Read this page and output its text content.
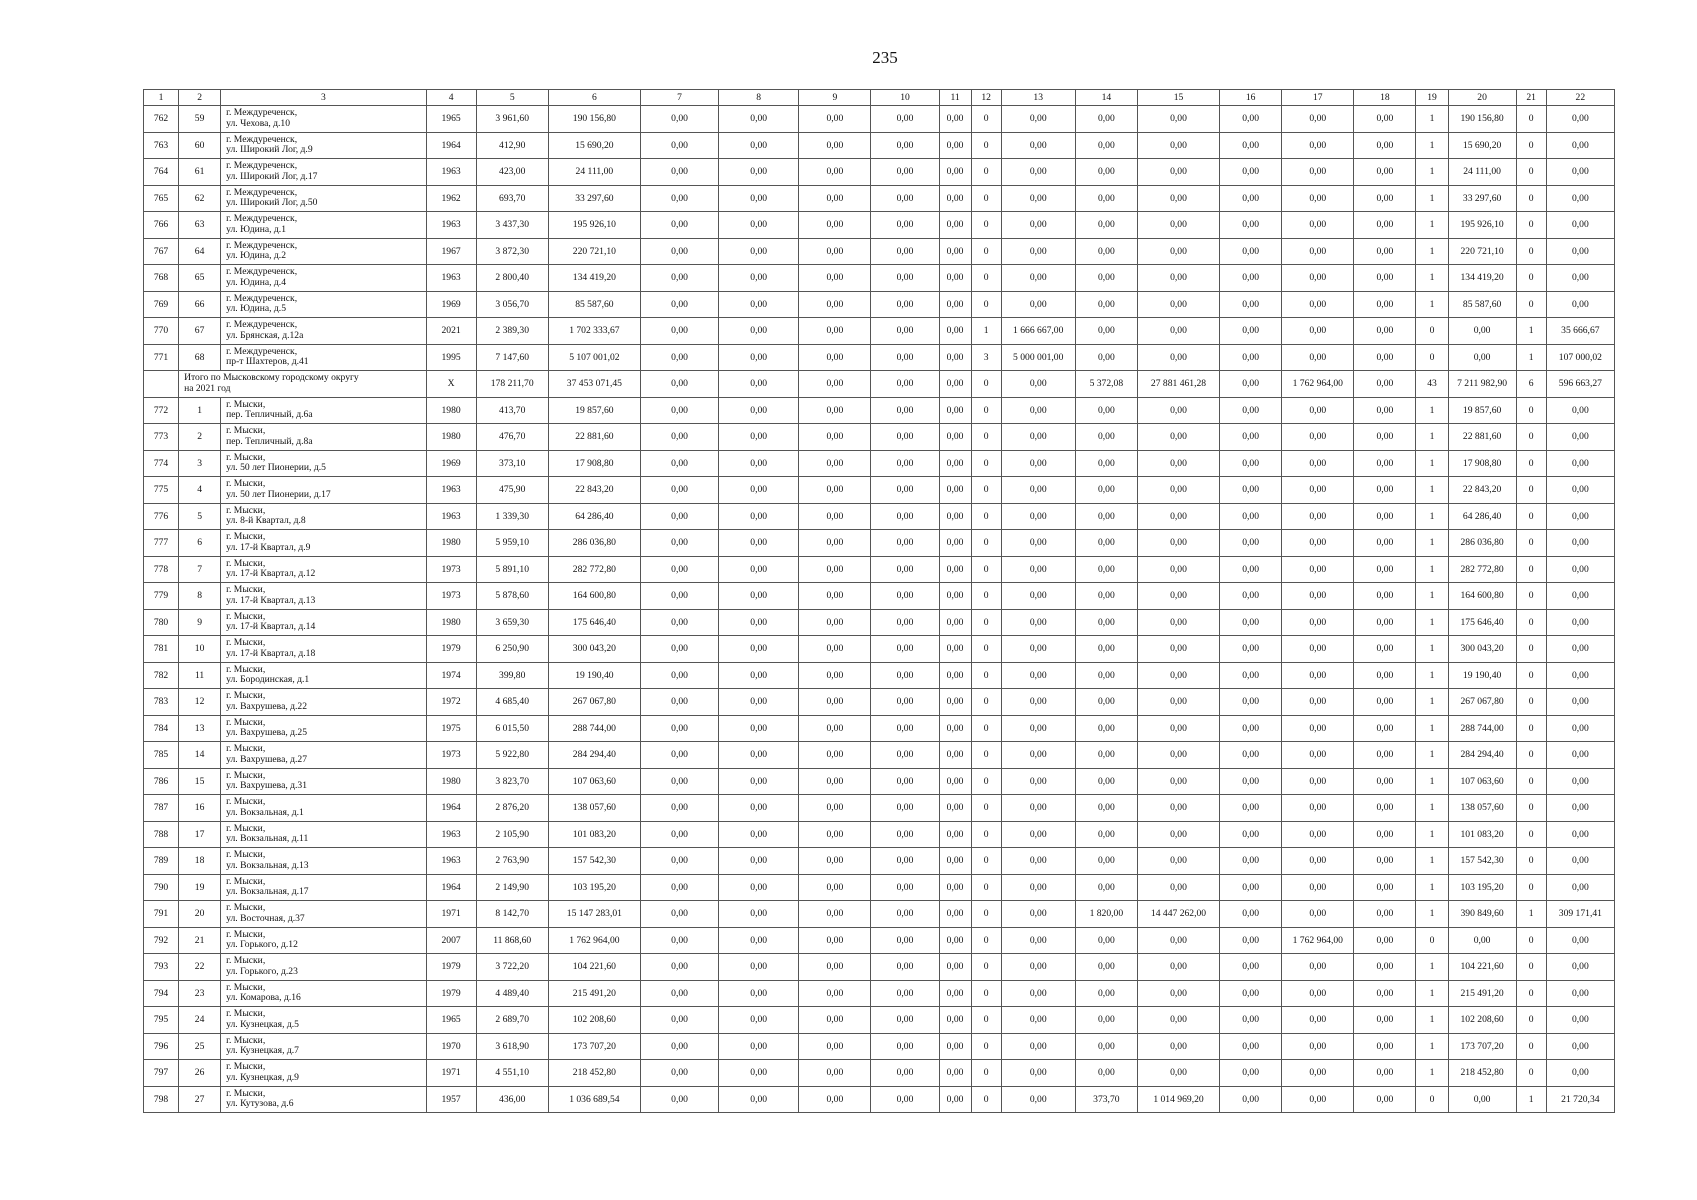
235
1	2	3	4	5	6	7	8	9	10	11	12	13	14	15	16	17	18	19	20	21	22
762	59	г. Междуреченск,
ул. Чехова, д.10	1965	3 961,60	190 156,80	0,00	0,00	0,00	0,00	0,00	0	0,00	0,00	0,00	0,00	0,00	0,00	1	190 156,80	0	0,00
763	60	г. Междуреченск,
ул. Широкий Лог, д.9	1964	412,90	15 690,20	0,00	0,00	0,00	0,00	0,00	0	0,00	0,00	0,00	0,00	0,00	0,00	1	15 690,20	0	0,00
764	61	г. Междуреченск,
ул. Широкий Лог, д.17	1963	423,00	24 111,00	0,00	0,00	0,00	0,00	0,00	0	0,00	0,00	0,00	0,00	0,00	0,00	1	24 111,00	0	0,00
765	62	г. Междуреченск,
ул. Широкий Лог, д.50	1962	693,70	33 297,60	0,00	0,00	0,00	0,00	0,00	0	0,00	0,00	0,00	0,00	0,00	0,00	1	33 297,60	0	0,00
766	63	г. Междуреченск,
ул. Юдина, д.1	1963	3 437,30	195 926,10	0,00	0,00	0,00	0,00	0,00	0	0,00	0,00	0,00	0,00	0,00	0,00	1	195 926,10	0	0,00
767	64	г. Междуреченск,
ул. Юдина, д.2	1967	3 872,30	220 721,10	0,00	0,00	0,00	0,00	0,00	0	0,00	0,00	0,00	0,00	0,00	0,00	1	220 721,10	0	0,00
768	65	г. Междуреченск,
ул. Юдина, д.4	1963	2 800,40	134 419,20	0,00	0,00	0,00	0,00	0,00	0	0,00	0,00	0,00	0,00	0,00	0,00	1	134 419,20	0	0,00
769	66	г. Междуреченск,
ул. Юдина, д.5	1969	3 056,70	85 587,60	0,00	0,00	0,00	0,00	0,00	0	0,00	0,00	0,00	0,00	0,00	0,00	1	85 587,60	0	0,00
770	67	г. Междуреченск,
ул. Брянская, д.12а	2021	2 389,30	1 702 333,67	0,00	0,00	0,00	0,00	0,00	1	1 666 667,00	0,00	0,00	0,00	0,00	0,00	0	0,00	1	35 666,67
771	68	г. Междуреченск,
пр-т Шахтеров, д.41	1995	7 147,60	5 107 001,02	0,00	0,00	0,00	0,00	0,00	3	5 000 001,00	0,00	0,00	0,00	0,00	0,00	0	0,00	1	107 000,02
	Итого по Мысковскому городскому округу
на 2021 год		X	178 211,70	37 453 071,45	0,00	0,00	0,00	0,00	0,00	0	0,00	5 372,08	27 881 461,28	0,00	1 762 964,00	0,00	43	7 211 982,90	6	596 663,27
772	1	г. Мыски,
пер. Тепличный, д.6а	1980	413,70	19 857,60	0,00	0,00	0,00	0,00	0,00	0	0,00	0,00	0,00	0,00	0,00	0,00	1	19 857,60	0	0,00
773	2	г. Мыски,
пер. Тепличный, д.8а	1980	476,70	22 881,60	0,00	0,00	0,00	0,00	0,00	0	0,00	0,00	0,00	0,00	0,00	0,00	1	22 881,60	0	0,00
774	3	г. Мыски,
ул. 50 лет Пионерии, д.5	1969	373,10	17 908,80	0,00	0,00	0,00	0,00	0,00	0	0,00	0,00	0,00	0,00	0,00	0,00	1	17 908,80	0	0,00
775	4	г. Мыски,
ул. 50 лет Пионерии, д.17	1963	475,90	22 843,20	0,00	0,00	0,00	0,00	0,00	0	0,00	0,00	0,00	0,00	0,00	0,00	1	22 843,20	0	0,00
776	5	г. Мыски,
ул. 8-й Квартал, д.8	1963	1 339,30	64 286,40	0,00	0,00	0,00	0,00	0,00	0	0,00	0,00	0,00	0,00	0,00	0,00	1	64 286,40	0	0,00
777	6	г. Мыски,
ул. 17-й Квартал, д.9	1980	5 959,10	286 036,80	0,00	0,00	0,00	0,00	0,00	0	0,00	0,00	0,00	0,00	0,00	0,00	1	286 036,80	0	0,00
778	7	г. Мыски,
ул. 17-й Квартал, д.12	1973	5 891,10	282 772,80	0,00	0,00	0,00	0,00	0,00	0	0,00	0,00	0,00	0,00	0,00	0,00	1	282 772,80	0	0,00
779	8	г. Мыски,
ул. 17-й Квартал, д.13	1973	5 878,60	164 600,80	0,00	0,00	0,00	0,00	0,00	0	0,00	0,00	0,00	0,00	0,00	0,00	1	164 600,80	0	0,00
780	9	г. Мыски,
ул. 17-й Квартал, д.14	1980	3 659,30	175 646,40	0,00	0,00	0,00	0,00	0,00	0	0,00	0,00	0,00	0,00	0,00	0,00	1	175 646,40	0	0,00
781	10	г. Мыски,
ул. 17-й Квартал, д.18	1979	6 250,90	300 043,20	0,00	0,00	0,00	0,00	0,00	0	0,00	0,00	0,00	0,00	0,00	0,00	1	300 043,20	0	0,00
782	11	г. Мыски,
ул. Бородинская, д.1	1974	399,80	19 190,40	0,00	0,00	0,00	0,00	0,00	0	0,00	0,00	0,00	0,00	0,00	0,00	1	19 190,40	0	0,00
783	12	г. Мыски,
ул. Вахрушева, д.22	1972	4 685,40	267 067,80	0,00	0,00	0,00	0,00	0,00	0	0,00	0,00	0,00	0,00	0,00	0,00	1	267 067,80	0	0,00
784	13	г. Мыски,
ул. Вахрушева, д.25	1975	6 015,50	288 744,00	0,00	0,00	0,00	0,00	0,00	0	0,00	0,00	0,00	0,00	0,00	0,00	1	288 744,00	0	0,00
785	14	г. Мыски,
ул. Вахрушева, д.27	1973	5 922,80	284 294,40	0,00	0,00	0,00	0,00	0,00	0	0,00	0,00	0,00	0,00	0,00	0,00	1	284 294,40	0	0,00
786	15	г. Мыски,
ул. Вахрушева, д.31	1980	3 823,70	107 063,60	0,00	0,00	0,00	0,00	0,00	0	0,00	0,00	0,00	0,00	0,00	0,00	1	107 063,60	0	0,00
787	16	г. Мыски,
ул. Вокзальная, д.1	1964	2 876,20	138 057,60	0,00	0,00	0,00	0,00	0,00	0	0,00	0,00	0,00	0,00	0,00	0,00	1	138 057,60	0	0,00
788	17	г. Мыски,
ул. Вокзальная, д.11	1963	2 105,90	101 083,20	0,00	0,00	0,00	0,00	0,00	0	0,00	0,00	0,00	0,00	0,00	0,00	1	101 083,20	0	0,00
789	18	г. Мыски,
ул. Вокзальная, д.13	1963	2 763,90	157 542,30	0,00	0,00	0,00	0,00	0,00	0	0,00	0,00	0,00	0,00	0,00	0,00	1	157 542,30	0	0,00
790	19	г. Мыски,
ул. Вокзальная, д.17	1964	2 149,90	103 195,20	0,00	0,00	0,00	0,00	0,00	0	0,00	0,00	0,00	0,00	0,00	0,00	1	103 195,20	0	0,00
791	20	г. Мыски,
ул. Восточная, д.37	1971	8 142,70	15 147 283,01	0,00	0,00	0,00	0,00	0,00	0	0,00	1 820,00	14 447 262,00	0,00	0,00	0,00	1	390 849,60	1	309 171,41
792	21	г. Мыски,
ул. Горького, д.12	2007	11 868,60	1 762 964,00	0,00	0,00	0,00	0,00	0,00	0	0,00	0,00	0,00	0,00	1 762 964,00	0,00	0	0,00	0	0,00
793	22	г. Мыски,
ул. Горького, д.23	1979	3 722,20	104 221,60	0,00	0,00	0,00	0,00	0,00	0	0,00	0,00	0,00	0,00	0,00	0,00	1	104 221,60	0	0,00
794	23	г. Мыски,
ул. Комарова, д.16	1979	4 489,40	215 491,20	0,00	0,00	0,00	0,00	0,00	0	0,00	0,00	0,00	0,00	0,00	0,00	1	215 491,20	0	0,00
795	24	г. Мыски,
ул. Кузнецкая, д.5	1965	2 689,70	102 208,60	0,00	0,00	0,00	0,00	0,00	0	0,00	0,00	0,00	0,00	0,00	0,00	1	102 208,60	0	0,00
796	25	г. Мыски,
ул. Кузнецкая, д.7	1970	3 618,90	173 707,20	0,00	0,00	0,00	0,00	0,00	0	0,00	0,00	0,00	0,00	0,00	0,00	1	173 707,20	0	0,00
797	26	г. Мыски,
ул. Кузнецкая, д.9	1971	4 551,10	218 452,80	0,00	0,00	0,00	0,00	0,00	0	0,00	0,00	0,00	0,00	0,00	0,00	1	218 452,80	0	0,00
798	27	г. Мыски,
ул. Кутузова, д.6	1957	436,00	1 036 689,54	0,00	0,00	0,00	0,00	0,00	0	0,00	373,70	1 014 969,20	0,00	0,00	0,00	0	0,00	1	21 720,34
